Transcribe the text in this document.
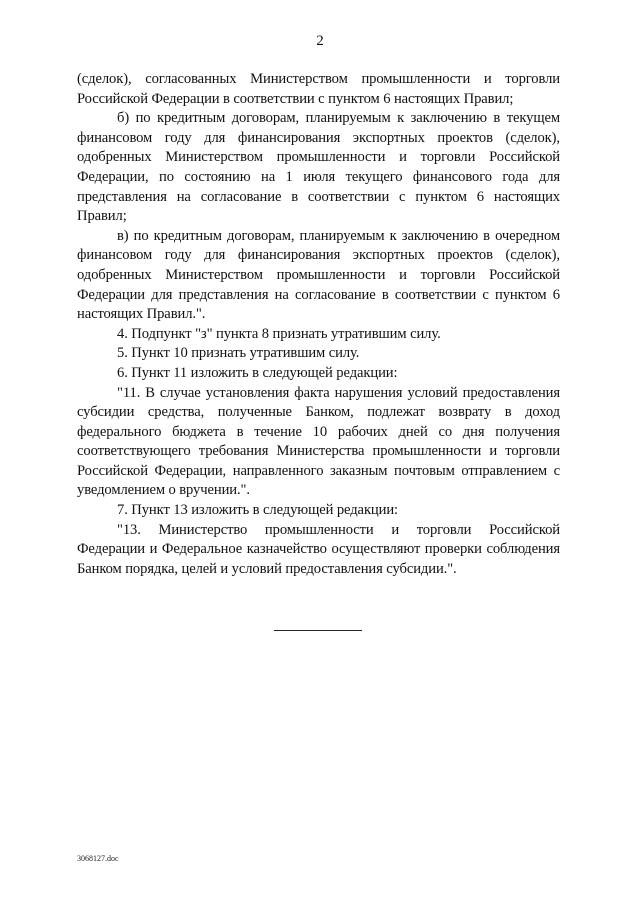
2

(сделок), согласованных Министерством промышленности и торговли Российской Федерации в соответствии с пунктом 6 настоящих Правил;

б) по кредитным договорам, планируемым к заключению в текущем финансовом году для финансирования экспортных проектов (сделок), одобренных Министерством промышленности и торговли Российской Федерации, по состоянию на 1 июля текущего финансового года для представления на согласование в соответствии с пунктом 6 настоящих Правил;

в) по кредитным договорам, планируемым к заключению в очередном финансовом году для финансирования экспортных проектов (сделок), одобренных Министерством промышленности и торговли Российской Федерации для представления на согласование в соответствии с пунктом 6 настоящих Правил.".

4. Подпункт "з" пункта 8 признать утратившим силу.

5. Пункт 10 признать утратившим силу.

6. Пункт 11 изложить в следующей редакции:

"11. В случае установления факта нарушения условий предоставления субсидии средства, полученные Банком, подлежат возврату в доход федерального бюджета в течение 10 рабочих дней со дня получения соответствующего требования Министерства промышленности и торговли Российской Федерации, направленного заказным почтовым отправлением с уведомлением о вручении.".

7. Пункт 13 изложить в следующей редакции:

"13. Министерство промышленности и торговли Российской Федерации и Федеральное казначейство осуществляют проверки соблюдения Банком порядка, целей и условий предоставления субсидии.".

3068127.doc
